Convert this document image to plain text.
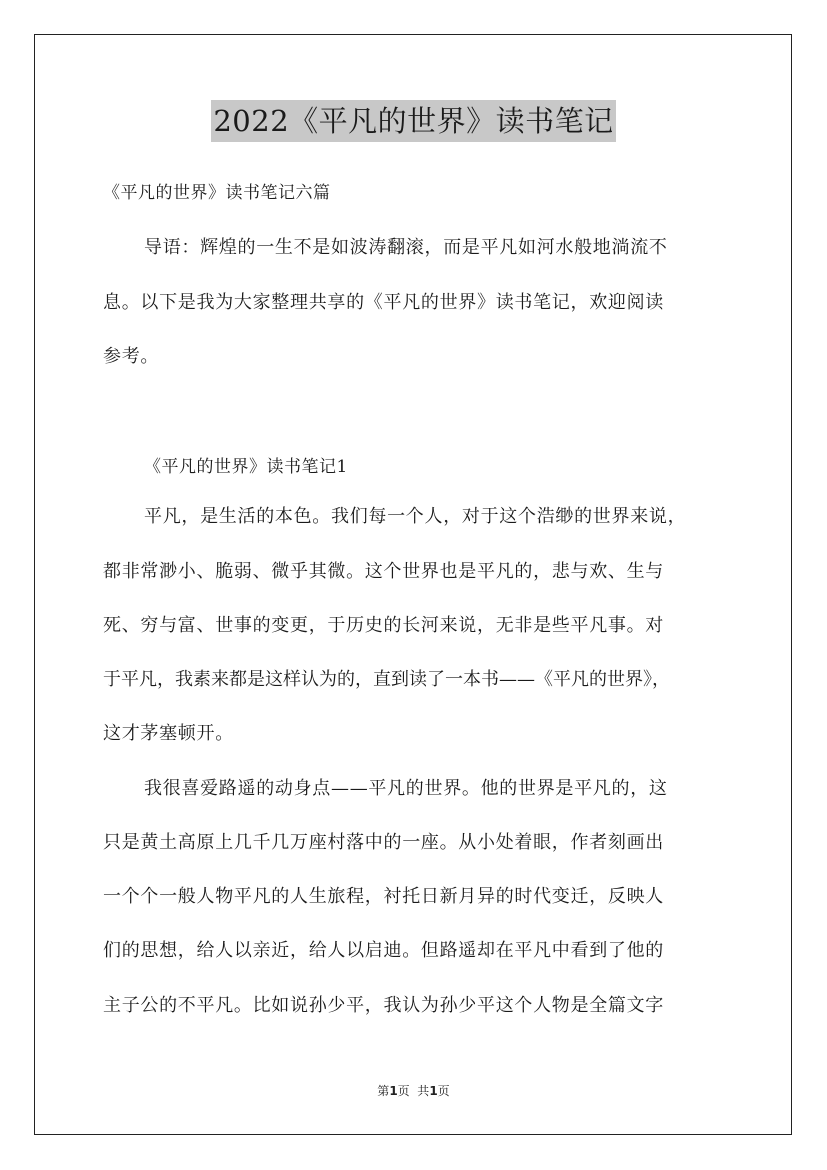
2022《平凡的世界》读书笔记

《平凡的世界》读书笔记六篇

导语：辉煌的一生不是如波涛翻滚，而是平凡如河水般地淌流不

息。以下是我为大家整理共享的《平凡的世界》读书笔记，欢迎阅读

参考。

《平凡的世界》读书笔记1

平凡，是生活的本色。我们每一个人，对于这个浩缈的世界来说，

都非常渺小、脆弱、微乎其微。这个世界也是平凡的，悲与欢、生与

死、穷与富、世事的变更，于历史的长河来说，无非是些平凡事。对

于平凡，我素来都是这样认为的，直到读了一本书——《平凡的世界》，

这才茅塞顿开。

我很喜爱路遥的动身点——平凡的世界。他的世界是平凡的，这

只是黄土高原上几千几万座村落中的一座。从小处着眼，作者刻画出

一个个一般人物平凡的人生旅程，衬托日新月异的时代变迁，反映人

们的思想，给人以亲近，给人以启迪。但路遥却在平凡中看到了他的

主子公的不平凡。比如说孙少平，我认为孙少平这个人物是全篇文字

第1页  共1页
